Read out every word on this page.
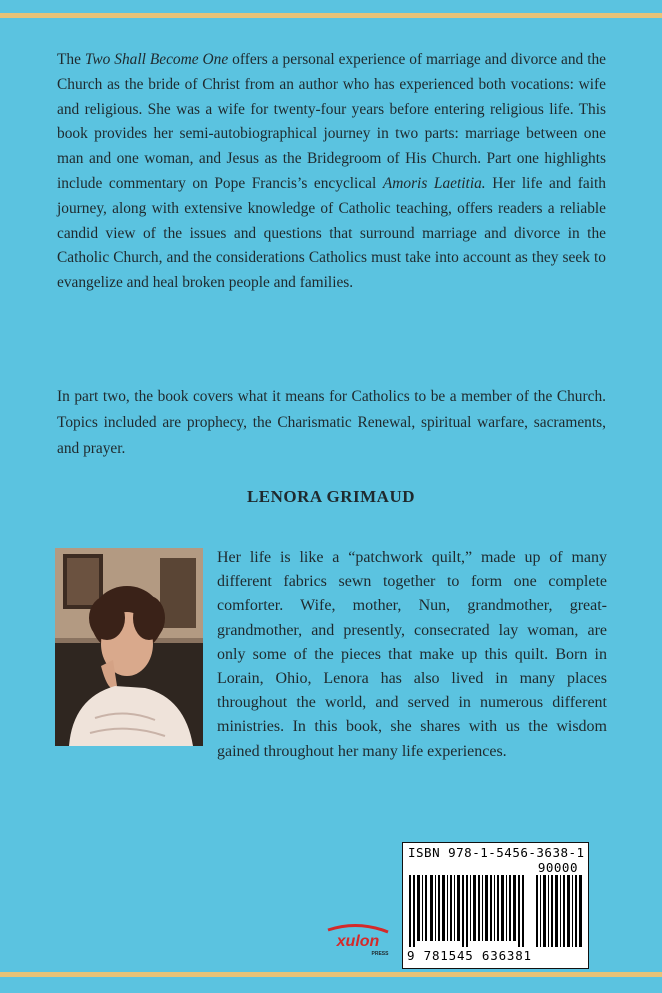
The Two Shall Become One offers a personal experience of marriage and divorce and the Church as the bride of Christ from an author who has experienced both vocations: wife and religious. She was a wife for twenty-four years before entering religious life. This book provides her semi-autobiographical journey in two parts: marriage between one man and one woman, and Jesus as the Bridegroom of His Church. Part one highlights include commentary on Pope Francis’s encyclical Amoris Laetitia. Her life and faith journey, along with extensive knowledge of Catholic teaching, offers readers a reliable candid view of the issues and questions that surround marriage and divorce in the Catholic Church, and the considerations Catholics must take into account as they seek to evangelize and heal broken people and families.

In part two, the book covers what it means for Catholics to be a member of the Church. Topics included are prophecy, the Charismatic Renewal, spiritual warfare, sacraments, and prayer.

LENORA GRIMAUD

Her life is like a “patchwork quilt,” made up of many different fabrics sewn together to form one complete comforter. Wife, mother, Nun, grandmother, great-grandmother, and presently, consecrated lay woman, are only some of the pieces that make up this quilt. Born in Lorain, Ohio, Lenora has also lived in many places throughout the world, and served in numerous different ministries. In this book, she shares with us the wisdom gained throughout her many life experiences.

ISBN 978-1-5456-3638-1
90000
9 781545 636381
xulon
PRESS
